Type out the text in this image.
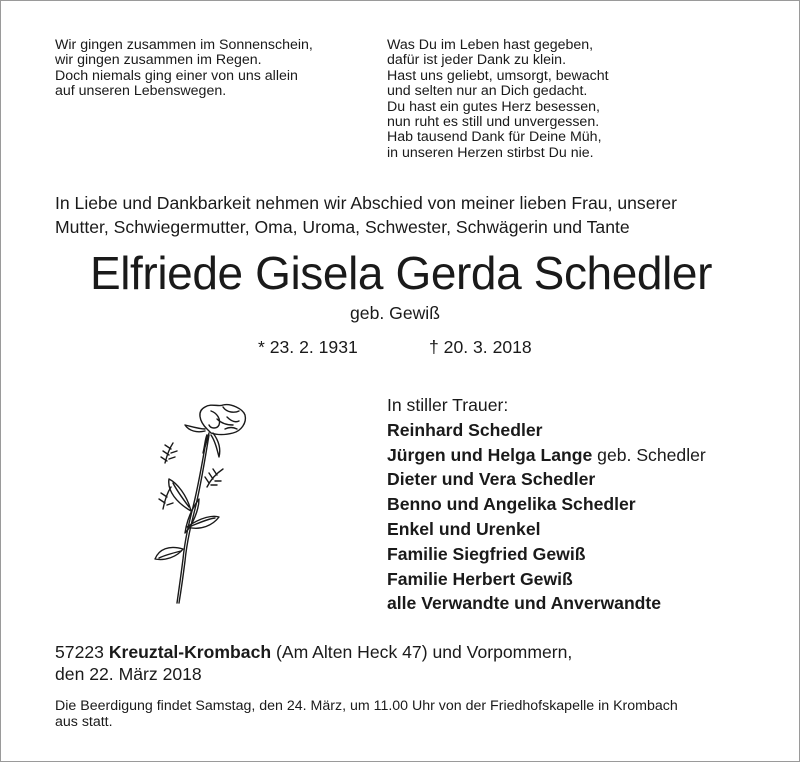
Wir gingen zusammen im Sonnenschein,
wir gingen zusammen im Regen.
Doch niemals ging einer von uns allein
auf unseren Lebenswegen.
Was Du im Leben hast gegeben,
dafür ist jeder Dank zu klein.
Hast uns geliebt, umsorgt, bewacht
und selten nur an Dich gedacht.
Du hast ein gutes Herz besessen,
nun ruht es still und unvergessen.
Hab tausend Dank für Deine Müh,
in unseren Herzen stirbst Du nie.
In Liebe und Dankbarkeit nehmen wir Abschied von meiner lieben Frau, unserer
Mutter, Schwiegermutter, Oma, Uroma, Schwester, Schwägerin und Tante
Elfriede Gisela Gerda Schedler
geb. Gewiß
* 23. 2. 1931	† 20. 3. 2018
In stiller Trauer:
Reinhard Schedler
Jürgen und Helga Lange geb. Schedler
Dieter und Vera Schedler
Benno und Angelika Schedler
Enkel und Urenkel
Familie Siegfried Gewiß
Familie Herbert Gewiß
alle Verwandte und Anverwandte
57223 Kreuztal-Krombach (Am Alten Heck 47) und Vorpommern,
den 22. März 2018
Die Beerdigung findet Samstag, den 24. März, um 11.00 Uhr von der Friedhofskapelle in Krombach
aus statt.
